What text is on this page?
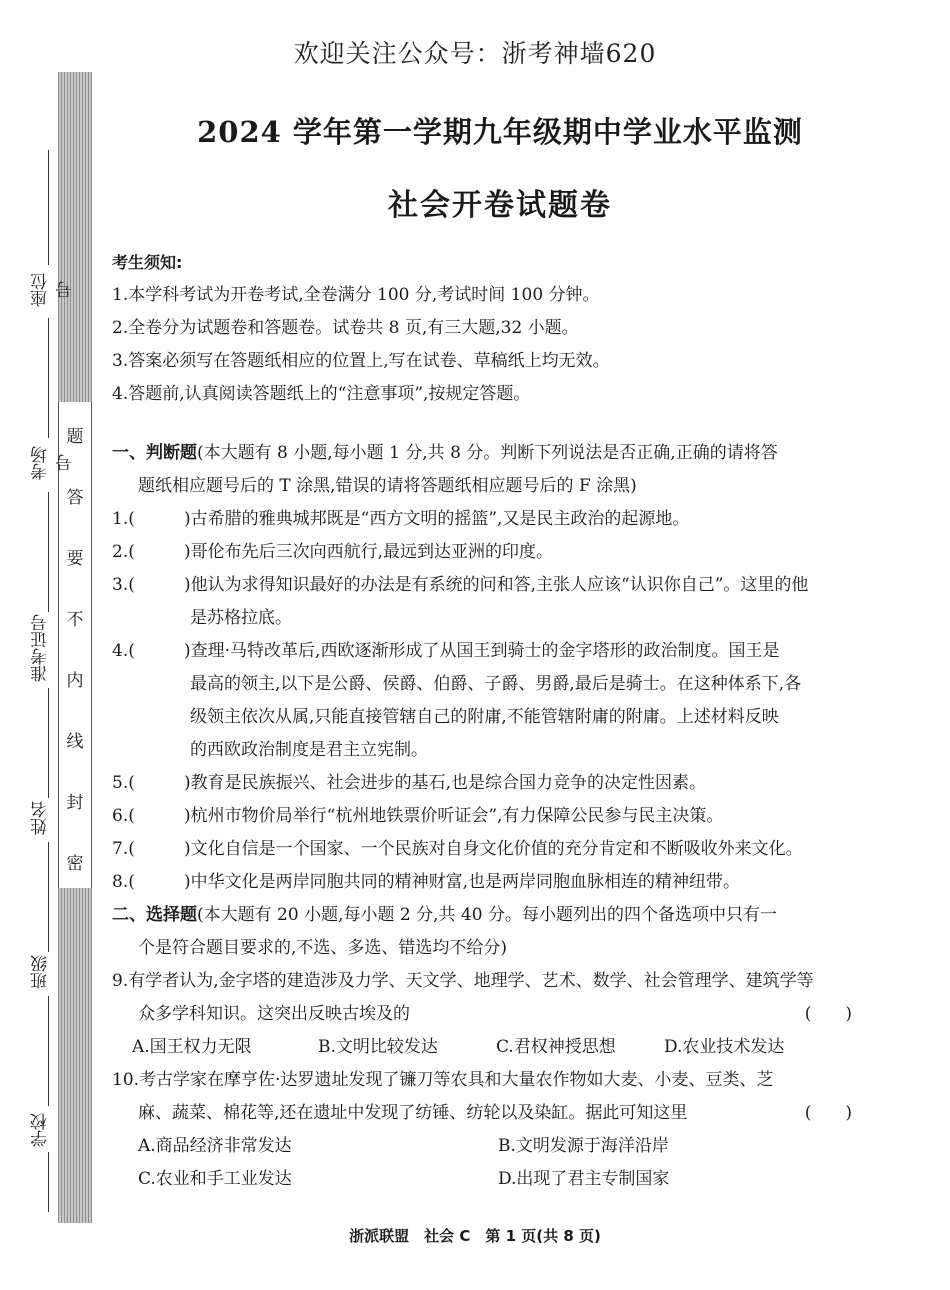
欢迎关注公众号：浙考神墙620
座位号
考场号
准考证号
姓名
班级
学校
题
答
要
不
内
线
封
密
2024 学年第一学期九年级期中学业水平监测
社会开卷试题卷
考生须知:

1.本学科考试为开卷考试,全卷满分 100 分,考试时间 100 分钟。

2.全卷分为试题卷和答题卷。试卷共 8 页,有三大题,32 小题。

3.答案必须写在答题纸相应的位置上,写在试卷、草稿纸上均无效。

4.答题前,认真阅读答题纸上的“注意事项”,按规定答题。

一、判断题(本大题有 8 小题,每小题 1 分,共 8 分。判断下列说法是否正确,正确的请将答
题纸相应题号后的 T 涂黑,错误的请将答题纸相应题号后的 F 涂黑)
1.(	)古希腊的雅典城邦既是“西方文明的摇篮”,又是民主政治的起源地。
2.(	)哥伦布先后三次向西航行,最远到达亚洲的印度。
3.(	)他认为求得知识最好的办法是有系统的问和答,主张人应该“认识你自己”。这里的他
是苏格拉底。
4.(	)查理·马特改革后,西欧逐渐形成了从国王到骑士的金字塔形的政治制度。国王是
最高的领主,以下是公爵、侯爵、伯爵、子爵、男爵,最后是骑士。在这种体系下,各
级领主依次从属,只能直接管辖自己的附庸,不能管辖附庸的附庸。上述材料反映
的西欧政治制度是君主立宪制。
5.(	)教育是民族振兴、社会进步的基石,也是综合国力竞争的决定性因素。
6.(	)杭州市物价局举行“杭州地铁票价听证会”,有力保障公民参与民主决策。
7.(	)文化自信是一个国家、一个民族对自身文化价值的充分肯定和不断吸收外来文化。
8.(	)中华文化是两岸同胞共同的精神财富,也是两岸同胞血脉相连的精神纽带。
二、选择题(本大题有 20 小题,每小题 2 分,共 40 分。每小题列出的四个备选项中只有一
个是符合题目要求的,不选、多选、错选均不给分)
9.有学者认为,金字塔的建造涉及力学、天文学、地理学、艺术、数学、社会管理学、建筑学等
众多学科知识。这突出反映古埃及的	(　　)
A.国王权力无限	B.文明比较发达	C.君权神授思想	D.农业技术发达
10.考古学家在摩亨佐·达罗遗址发现了镰刀等农具和大量农作物如大麦、小麦、豆类、芝
麻、蔬菜、棉花等,还在遗址中发现了纺锤、纺轮以及染缸。据此可知这里	(　　)
A.商品经济非常发达	B.文明发源于海洋沿岸
C.农业和手工业发达	D.出现了君主专制国家
浙派联盟　社会 C　第 1 页(共 8 页)
